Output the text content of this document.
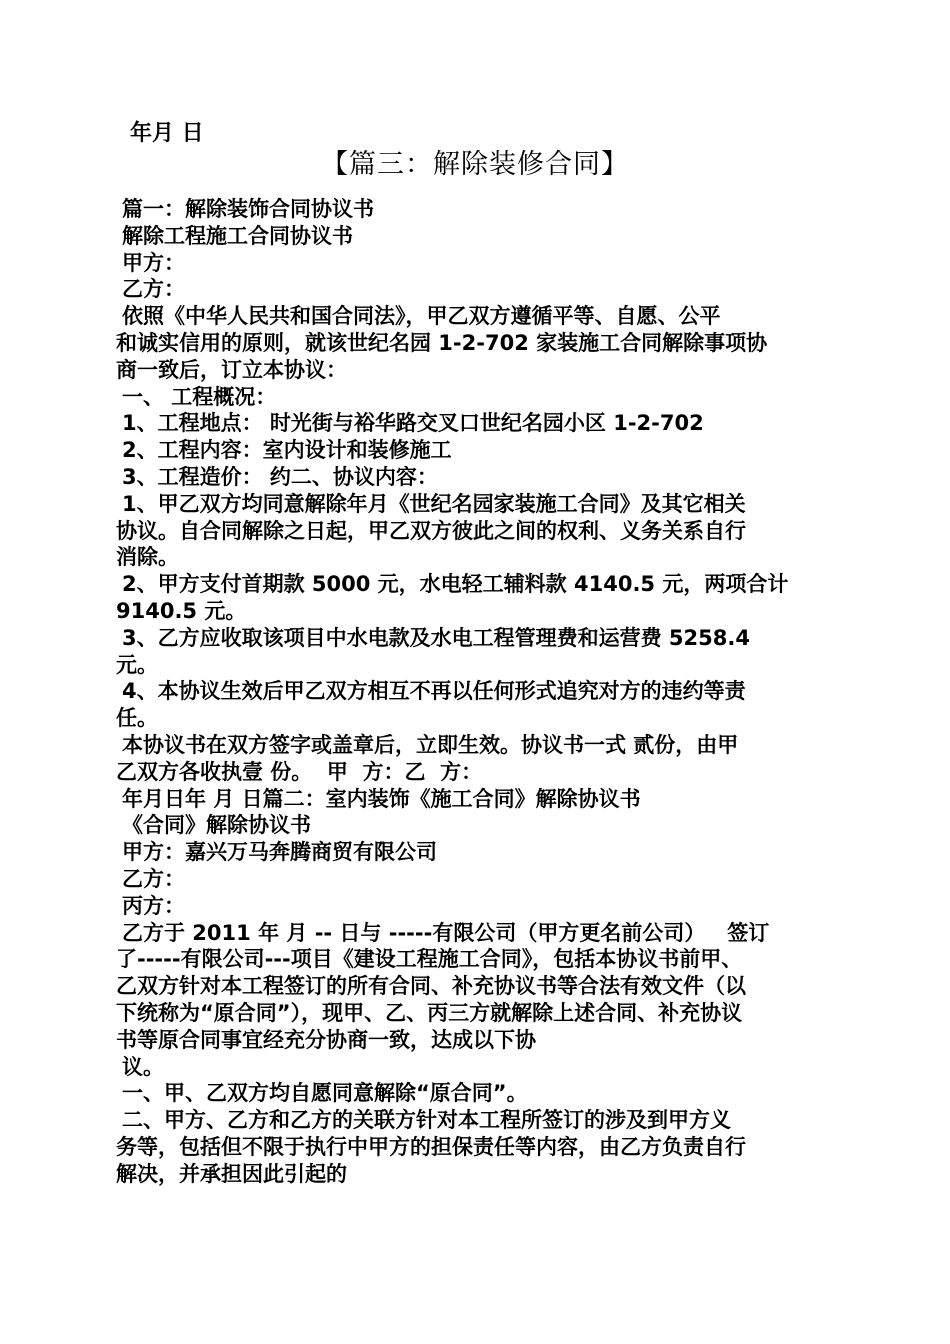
年月 日
【篇三：解除装修合同】

篇一：解除装饰合同协议书

解除工程施工合同协议书

甲方：

乙方：

依照《中华人民共和国合同法》，甲乙双方遵循平等、自愿、公平

和诚实信用的原则，就该世纪名园 1-2-702 家装施工合同解除事项协

商一致后，订立本协议：

一、 工程概况：

1、工程地点： 时光街与裕华路交叉口世纪名园小区 1-2-702

2、工程内容：室内设计和装修施工

3、工程造价： 约二、协议内容：

1、甲乙双方均同意解除年月《世纪名园家装施工合同》及其它相关

协议。自合同解除之日起，甲乙双方彼此之间的权利、义务关系自行

消除。

2、甲方支付首期款 5000 元，水电轻工辅料款 4140.5 元，两项合计

9140.5 元。

3、乙方应收取该项目中水电款及水电工程管理费和运营费 5258.4

元。

4、本协议生效后甲乙双方相互不再以任何形式追究对方的违约等责

任。

本协议书在双方签字或盖章后，立即生效。协议书一式 贰份，由甲

乙双方各收执壹 份。  甲  方：乙  方：

年月日年 月 日篇二：室内装饰《施工合同》解除协议书

《合同》解除协议书

甲方：嘉兴万马奔腾商贸有限公司

乙方：

丙方：

乙方于 2011 年 月 -- 日与 -----有限公司（甲方更名前公司）   签订

了-----有限公司---项目《建设工程施工合同》，包括本协议书前甲、

乙双方针对本工程签订的所有合同、补充协议书等合法有效文件（以

下统称为“原合同”），现甲、乙、丙三方就解除上述合同、补充协议

书等原合同事宜经充分协商一致，达成以下协

议。

一、甲、乙双方均自愿同意解除“原合同”。

二、甲方、乙方和乙方的关联方针对本工程所签订的涉及到甲方义

务等，包括但不限于执行中甲方的担保责任等内容，由乙方负责自行

解决，并承担因此引起的
